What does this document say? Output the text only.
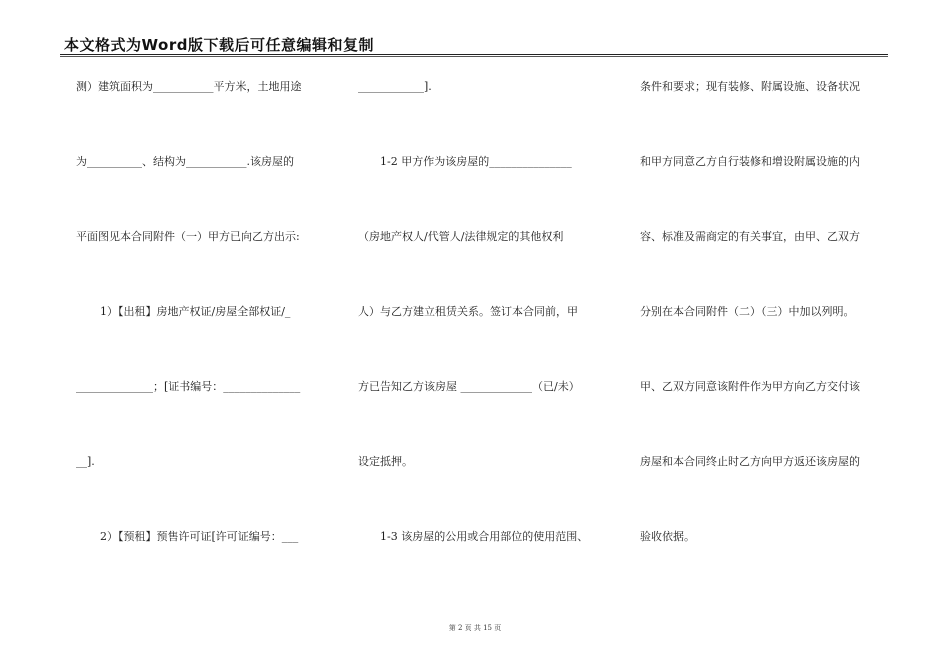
本文格式为Word版下载后可任意编辑和复制
测）建筑面积为___________平方米，土地用途
为__________、结构为___________.该房屋的
平面图见本合同附件（一）甲方已向乙方出示:
1）【出租】房地产权证/房屋全部权证/_
______________；[证书编号：______________
__].
2）【预租】预售许可证[许可证编号：___
____________].
1-2 甲方作为该房屋的_______________
（房地产权人/代管人/法律规定的其他权利
人）与乙方建立租赁关系。签订本合同前，甲
方已告知乙方该房屋 _____________（已/未）
设定抵押。
1-3 该房屋的公用或合用部位的使用范围、
条件和要求；现有装修、附属设施、设备状况
和甲方同意乙方自行装修和增设附属设施的内
容、标准及需商定的有关事宜，由甲、乙双方
分别在本合同附件（二）（三）中加以列明。
甲、乙双方同意该附件作为甲方向乙方交付该
房屋和本合同终止时乙方向甲方返还该房屋的
验收依据。
第 2 页 共 15 页
